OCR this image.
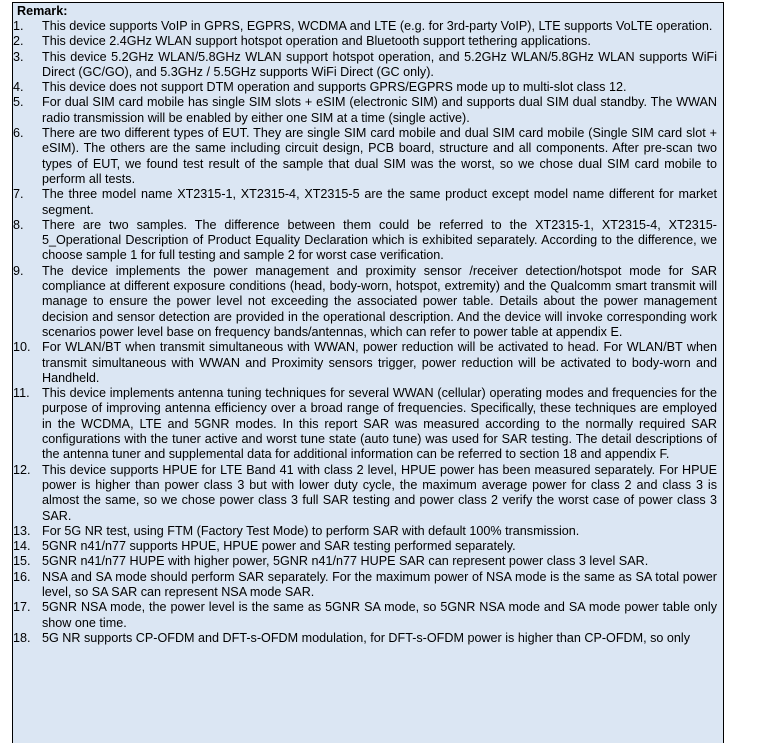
Remark:
1. This device supports VoIP in GPRS, EGPRS, WCDMA and LTE (e.g. for 3rd-party VoIP), LTE supports VoLTE operation.
2. This device 2.4GHz WLAN support hotspot operation and Bluetooth support tethering applications.
3. This device 5.2GHz WLAN/5.8GHz WLAN support hotspot operation, and 5.2GHz WLAN/5.8GHz WLAN supports WiFi Direct (GC/GO), and 5.3GHz / 5.5GHz supports WiFi Direct (GC only).
4. This device does not support DTM operation and supports GPRS/EGPRS mode up to multi-slot class 12.
5. For dual SIM card mobile has single SIM slots + eSIM (electronic SIM) and supports dual SIM dual standby. The WWAN radio transmission will be enabled by either one SIM at a time (single active).
6. There are two different types of EUT. They are single SIM card mobile and dual SIM card mobile (Single SIM card slot + eSIM). The others are the same including circuit design, PCB board, structure and all components. After pre-scan two types of EUT, we found test result of the sample that dual SIM was the worst, so we chose dual SIM card mobile to perform all tests.
7. The three model name XT2315-1, XT2315-4, XT2315-5 are the same product except model name different for market segment.
8. There are two samples. The difference between them could be referred to the XT2315-1, XT2315-4, XT2315-5_Operational Description of Product Equality Declaration which is exhibited separately. According to the difference, we choose sample 1 for full testing and sample 2 for worst case verification.
9. The device implements the power management and proximity sensor /receiver detection/hotspot mode for SAR compliance at different exposure conditions (head, body-worn, hotspot, extremity) and the Qualcomm smart transmit will manage to ensure the power level not exceeding the associated power table. Details about the power management decision and sensor detection are provided in the operational description. And the device will invoke corresponding work scenarios power level base on frequency bands/antennas, which can refer to power table at appendix E.
10. For WLAN/BT when transmit simultaneous with WWAN, power reduction will be activated to head. For WLAN/BT when transmit simultaneous with WWAN and Proximity sensors trigger, power reduction will be activated to body-worn and Handheld.
11. This device implements antenna tuning techniques for several WWAN (cellular) operating modes and frequencies for the purpose of improving antenna efficiency over a broad range of frequencies. Specifically, these techniques are employed in the WCDMA, LTE and 5GNR modes. In this report SAR was measured according to the normally required SAR configurations with the tuner active and worst tune state (auto tune) was used for SAR testing. The detail descriptions of the antenna tuner and supplemental data for additional information can be referred to section 18 and appendix F.
12. This device supports HPUE for LTE Band 41 with class 2 level, HPUE power has been measured separately. For HPUE power is higher than power class 3 but with lower duty cycle, the maximum average power for class 2 and class 3 is almost the same, so we chose power class 3 full SAR testing and power class 2 verify the worst case of power class 3 SAR.
13. For 5G NR test, using FTM (Factory Test Mode) to perform SAR with default 100% transmission.
14. 5GNR n41/n77 supports HPUE, HPUE power and SAR testing performed separately.
15. 5GNR n41/n77 HUPE with higher power, 5GNR n41/n77 HUPE SAR can represent power class 3 level SAR.
16. NSA and SA mode should perform SAR separately. For the maximum power of NSA mode is the same as SA total power level, so SA SAR can represent NSA mode SAR.
17. 5GNR NSA mode, the power level is the same as 5GNR SA mode, so 5GNR NSA mode and SA mode power table only show one time.
18. 5G NR supports CP-OFDM and DFT-s-OFDM modulation, for DFT-s-OFDM power is higher than CP-OFDM, so only
